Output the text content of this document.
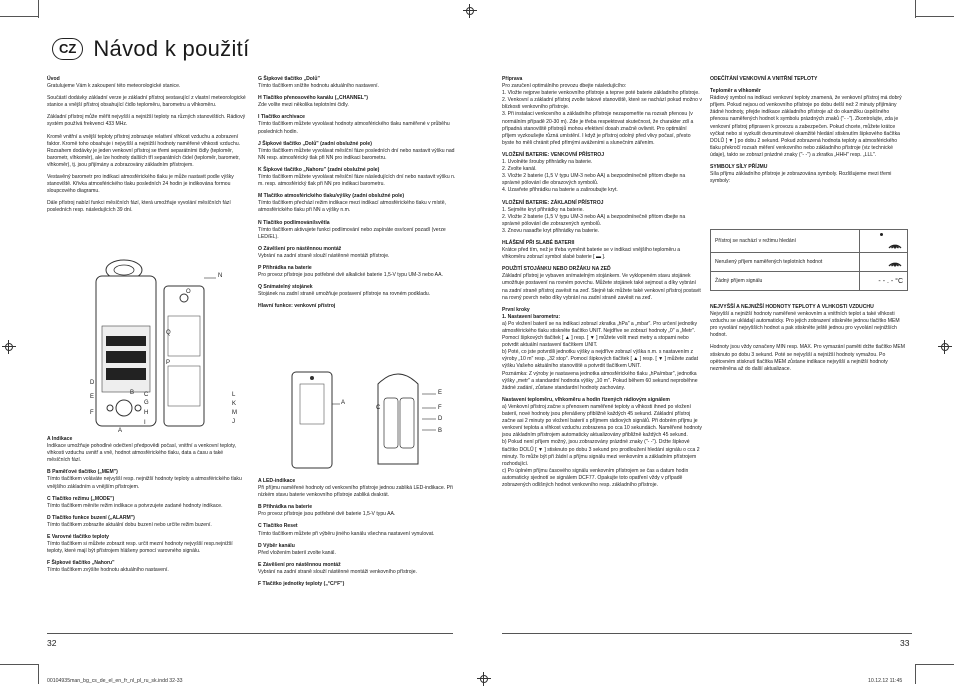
CZ Návod k použití
Úvod

Gratulujeme Vám k zakoupení této meteorologické stanice.

Součástí dodávky základní verze je základní přístroj sestavující z vlastní meteorologické stanice a vnější přístroj obsahující čidlo teploměru, barometru a vlhkoměru.

Základní přístroj může měřit nejvyšší a nejnižší teploty na různých stanovištích. Rádiový systém používá frekvenci 433 MHz.

Kromě vnitřní a vnější teploty přístroj zobrazuje relativní vlhkost vzduchu a zobrazení faktor. Kromě toho obsahuje i nejvyšší a nejnižší hodnoty naměřené vlhkosti vzduchu. Rozsahem dodávky je jeden venkovní přístroj se třemi separátními čidly (teploměr, barometr, vlhkoměr), ale lze hodnoty dalších tří separátních čidel (teploměr, barometr, vlhkoměr), tj. jsou přijímány a zobrazovány základním přístrojem.

Vestavěný barometr pro indikaci atmosférického tlaku je může nastavit podle výšky stanoviště. Křivka atmosférického tlaku posledních 24 hodin je indikována formou sloupcového diagramu.

Dále přístroj nabízí funkci měsíčních fází, která umožňuje vyvolání měsíčních fází posledních resp. následujících 39 dní.

N
O
Q
P
D
E
F
B C
G
H
I
A
L
K
M
J
A Indikace

Indikace umožňuje pohodlné odečtení předpovědi počasí, vnitřní a venkovní teploty, vlhkosti vzduchu uvnitř a vně, hodnot atmosférického tlaku, data a času a také měsíčních fází.

B Paměťové tlačítko („MEM")

Tímto tlačítkem voláváte nejvyšší resp. nejnižší hodnoty teploty a atmosférického tlaku vnějšího základním a vnějším přístrojem.

C Tlačítko režimu („MODE")

Tímto tlačítkem měníte režim indikace a potvrzujete zadané hodnoty indikace.

D Tlačítko funkce buzení („ALARM")

Tímto tlačítkem zobrazíte aktuální dobu buzení nebo určíte režim buzení.

E Varovné tlačítko teploty

Tímto tlačítkem si můžete zobrazit resp. určit mezní hodnoty nejvyšší resp.nejnižší teploty, které mají být přístrojem hlášeny pomocí varovného signálu.

F Šipkové tlačítko „Nahoru"

Tímto tlačítkem zvýšíte hodnotu aktuálního nastavení.

G Šipkové tlačítko „Dolů"

Tímto tlačítkem snížíte hodnotu aktuálního nastavení.

H Tlačítko přenosového kanálu („CHANNEL")

Zde volíte mezi několika teplotními čidly.

I Tlačítko archivace

Tímto tlačítkem můžete vyvolávat hodnoty atmosférického tlaku naměřené v průběhu posledních hodin.

J Šipkové tlačítko „Dolů" (zadní obslužné pole)

Tímto tlačítkem můžete vyvolávat měsíční fáze posledních dní nebo nastavit výšku nad NN resp. atmosférický tlak při NN pro indikaci barometru.

K Šipkové tlačítko „Nahoru" (zadní obslužné pole)

Tímto tlačítkem můžete vyvolávat měsíční fáze následujících dní nebo nastavit výšku n. m. resp. atmosférický tlak při NN pro indikaci barometru.

M Tlačítko atmosférického tlaku/výšky (zadní obslužné pole)

Tímto tlačítkem přechází režim indikace mezi indikací atmosférického tlaku v místě, atmosférického tlaku při NN a výšky n.m.

N Tlačítko podlimování/světla

Tímto tlačítkem aktivujete funkci podlimování nebo zapínáte osvícení pozadí (verze LED/EL).

O Závěšení pro nástěnnou montáž

Vybrání na zadní straně slouží nástěnné montáži přístroje.

P Přihrádka na baterie

Pro provoz přístroje jsou potřebné dvě alkalické baterie 1,5-V typu UM-3 nebo AA.

Q Snímatelný stojánek

Stojánek na zadní straně umožňuje postavení přístroje na rovném podkladu.

Hlavní funkce: venkovní přístroj
A
C
E
F
D
B
A LED-indikace

Při příjmu naměřené hodnoty od venkovního přístroje jednou zabliká LED-indikace. Při nízkém stavu baterie venkovního přístroje zabliká dvakrát.

B Přihrádka na baterie

Pro provoz přístroje jsou potřebné dvě baterie 1,5-V typu AA.

C Tlačítko Reset

Tímto tlačítkem můžete při výběru jiného kanálu všechna nastavení vynulovat.

D Výběr kanálu

Před vložením baterií zvolte kanál.

E Závěšení pro nástěnnou montáž

Vybrání na zadní straně slouží nástěnné montáži venkovního přístroje.

F Tlačítko jednotky teploty („°C/°F")
Příprava
Pro zaručení optimálního provozu dbejte následujícího:
1. Vložte nejprve baterie venkovního přístroje a teprve poté baterie základního přístroje.
2. Venkovní a základní přístroj zvolte takové stanoviště, které se nachází pokud možno v blízkosti venkovního přístroje.

3. Při instalaci venkovního a základního přístroje nezapomeňte na rozsah přenosu (v normálním případě 20-30 m). Zde je třeba respektovat skutečnost, že charakter zdí a případná stanoviště přístrojů mohou efektivní dosah značně ovlivnit. Pro optimální příjem vyzkoušejte různá umístění. I když je přístroj odolný před vlivy počasí, přesto byste ho měli chránit před přímými aváženími a slunečním zářením.

VLOŽENÍ BATERIE: VENKOVNÍ PŘÍSTROJ
1. Uvolněte šrouby přihrádky na baterie.
2. Zvolte kanál.
3. Vložte 2 baterie (1,5 V typu UM-3 nebo AA) a bezpodmínečně přitom dbejte na správné pólování dle obrazových symbolů.

4. Uzavřete přihrádku na baterie a zašroubujte kryt.

VLOŽENÍ BATERIE: ZÁKLADNÍ PŘÍSTROJ
1. Sejměte kryt přihrádky na baterie.
2. Vložte 2 baterie (1,5 V typu UM-3 nebo AA) a bezpodmínečně přitom dbejte na správné pólování dle zobrazených symbolů.

3. Znovu nasaďte kryt přihrádky na baterie.

HLÁŠENÍ PŘI SLABÉ BATERII

Krátce před tím, než je třeba vyměnit baterie se v indikaci vnějšího teploměru a vlhkoměru zobrazí symbol slabé baterie [ ▬ ].

POUŽITÍ STOJÁNKU NEBO DRŽÁKU NA ZEĎ

Základní přístroj je vybaven snímatelným stojánkem. Ve vyklopeném stavu stojánek umožňuje postavení na rovném povrchu. Můžete stojánek také sejmout a díky vybrání na zadní straně přístroj zavěsit na zeď. Stejně tak můžete také venkovní přístroj postavit na rovný povrch nebo díky vybrání na zadní straně zavěsit na zeď.

První kroky
1. Nastavení barometru:
a) Po vložení baterií se na indikaci zobrazí zkratka „hPa" a „mbar". Pro určení jednotky atmosférického tlaku stiskněte tlačítko UNIT. Nejdříve se zobrazí hodnoty „0" a „Metr". Pomocí šipkových tlačítek [ ▲ ] resp. [ ▼ ] můžete volit mezi metry a stopami nebo potvrdit aktuální nastavení tlačítkem UNIT.
b) Poté, co jste potvrdili jednotku výšky a nejdříve zobrazí výška n.m. s nastavením z výroby „10 m" resp. „32 stop". Pomocí šipkových tlačítek [ ▲ ] resp. [ ▼ ] můžete zadat výšku Vašeho aktuálního stanoviště a potvrdit tlačítkem UNIT.

Poznámka: Z výroby je nastavena jednotka atmosférického tlaku „hPa/mbar", jednotka výšky „metr" a standardní hodnota výšky „10 m". Pokud během 60 sekund neproběhne žádné zadání, zůstane standardní hodnoty zachovány.

Nastavení teploměru, vlhkoměru a hodin řízených rádiovým signálem
a) Venkovní přístroj začne s přenosem naměřené teploty a vlhkosti ihned po vložení baterií, nové hodnoty jsou přenášeny přibližně každých 45 sekund. Základní přístroj začne asi 2 minuty po vložení baterií s příjmem rádiových signálů. Při dobrém příjmu je venkovní teplota a vlhkost vzduchu zobrazena po cca 10 sekundách. Naměřené hodnoty jsou základním přístrojem automaticky aktualizovány přibližně každých 45 sekund.
b) Pokud není příjem možný, jsou zobrazovány prázdné znaky ("- -"). Držte šipkové tlačítko DOLŮ [ ▼ ] stisknuto po dobu 3 sekund pro prodloužení hledání signálu o cca 2 minuty. To může být při žádní a příjmu signálu mezi venkovním a základním přístrojem rozhodující.
c) Po úplném příjmu časového signálu venkovním přístrojem se čas a datum hodin automaticky sjednotí se signálem DCF77. Opakujte toto opatření vždy v případě zobrazených odlišných hodnot venkovního resp. základního přístroje.

ODEČÍTÁNÍ VENKOVNÍ A VNITŘNÍ TEPLOTY

Teploměr a vlhkoměr

Rádiový symbol na indikaci venkovní teploty znamená, že venkovní přístroj má dobrý příjem. Pokud nejsou od venkovního přístroje po dobu delší než 2 minuty přijímány žádné hodnoty, přejde indikace základního přístroje až do okamžiku úspěšného přenosu naměřených hodnot k symbolu prázdných znaků ("- -"). Zkontrolujte, zda je venkovní přístroj připraven k provozu a zabezpečen. Pokud chcete, můžete krátce vyčkat nebo si vyzkušt dvouminutové okamžité hledání stisknutím šipkového tlačítka DOLŮ [ ▼ ] po dobu 2 sekund. Pokud zobrazená hodnota teploty a atmosférického tlaku překročí rozsah měření venkovního nebo základního přístroje (viz technické údaje), takto se zobrazí prázdné znaky ("- -") a zkratka „HHH" resp. „LLL".

SYMBOLY SÍLY PŘÍJMU

Síla příjmu základního přístroje je zobrazována symboly. Rozlišujeme mezi třemi symboly:

Přístroj se nachází v režimu hledání	
Nerušený příjem naměřených teplotních hodnot	
Žádný příjem signálu	- - . - °C
NEJVYŠŠÍ A NEJNIŽŠÍ HODNOTY TEPLOTY A VLHKOSTI VZDUCHU

Nejvyšší a nejnižší hodnoty naměřené venkovním a vnitřních teplot a také vlhkosti vzduchu se ukládají automaticky. Pro jejich zobrazení stiskněte jednou tlačítko MEM pro vyvolání nejvyšších hodnot a pak stiskněte ještě jednou pro vyvolání nejnižších hodnot.

Hodnoty jsou vždy označeny MIN resp. MAX. Pro vymazání paměti držte tlačítko MEM stisknuto po dobu 3 sekund. Poté se nejvyšší a nejnižší hodnoty vymažou. Po opětovném stisknutí tlačítka MEM zůstane indikace nejvyšší a nejnižší hodnoty nezměněna až do další aktualizace.

32	33
00104935man_bg_cs_de_el_en_fr_nl_pl_ru_sk.indd 32-33	10.12.12 11:45
